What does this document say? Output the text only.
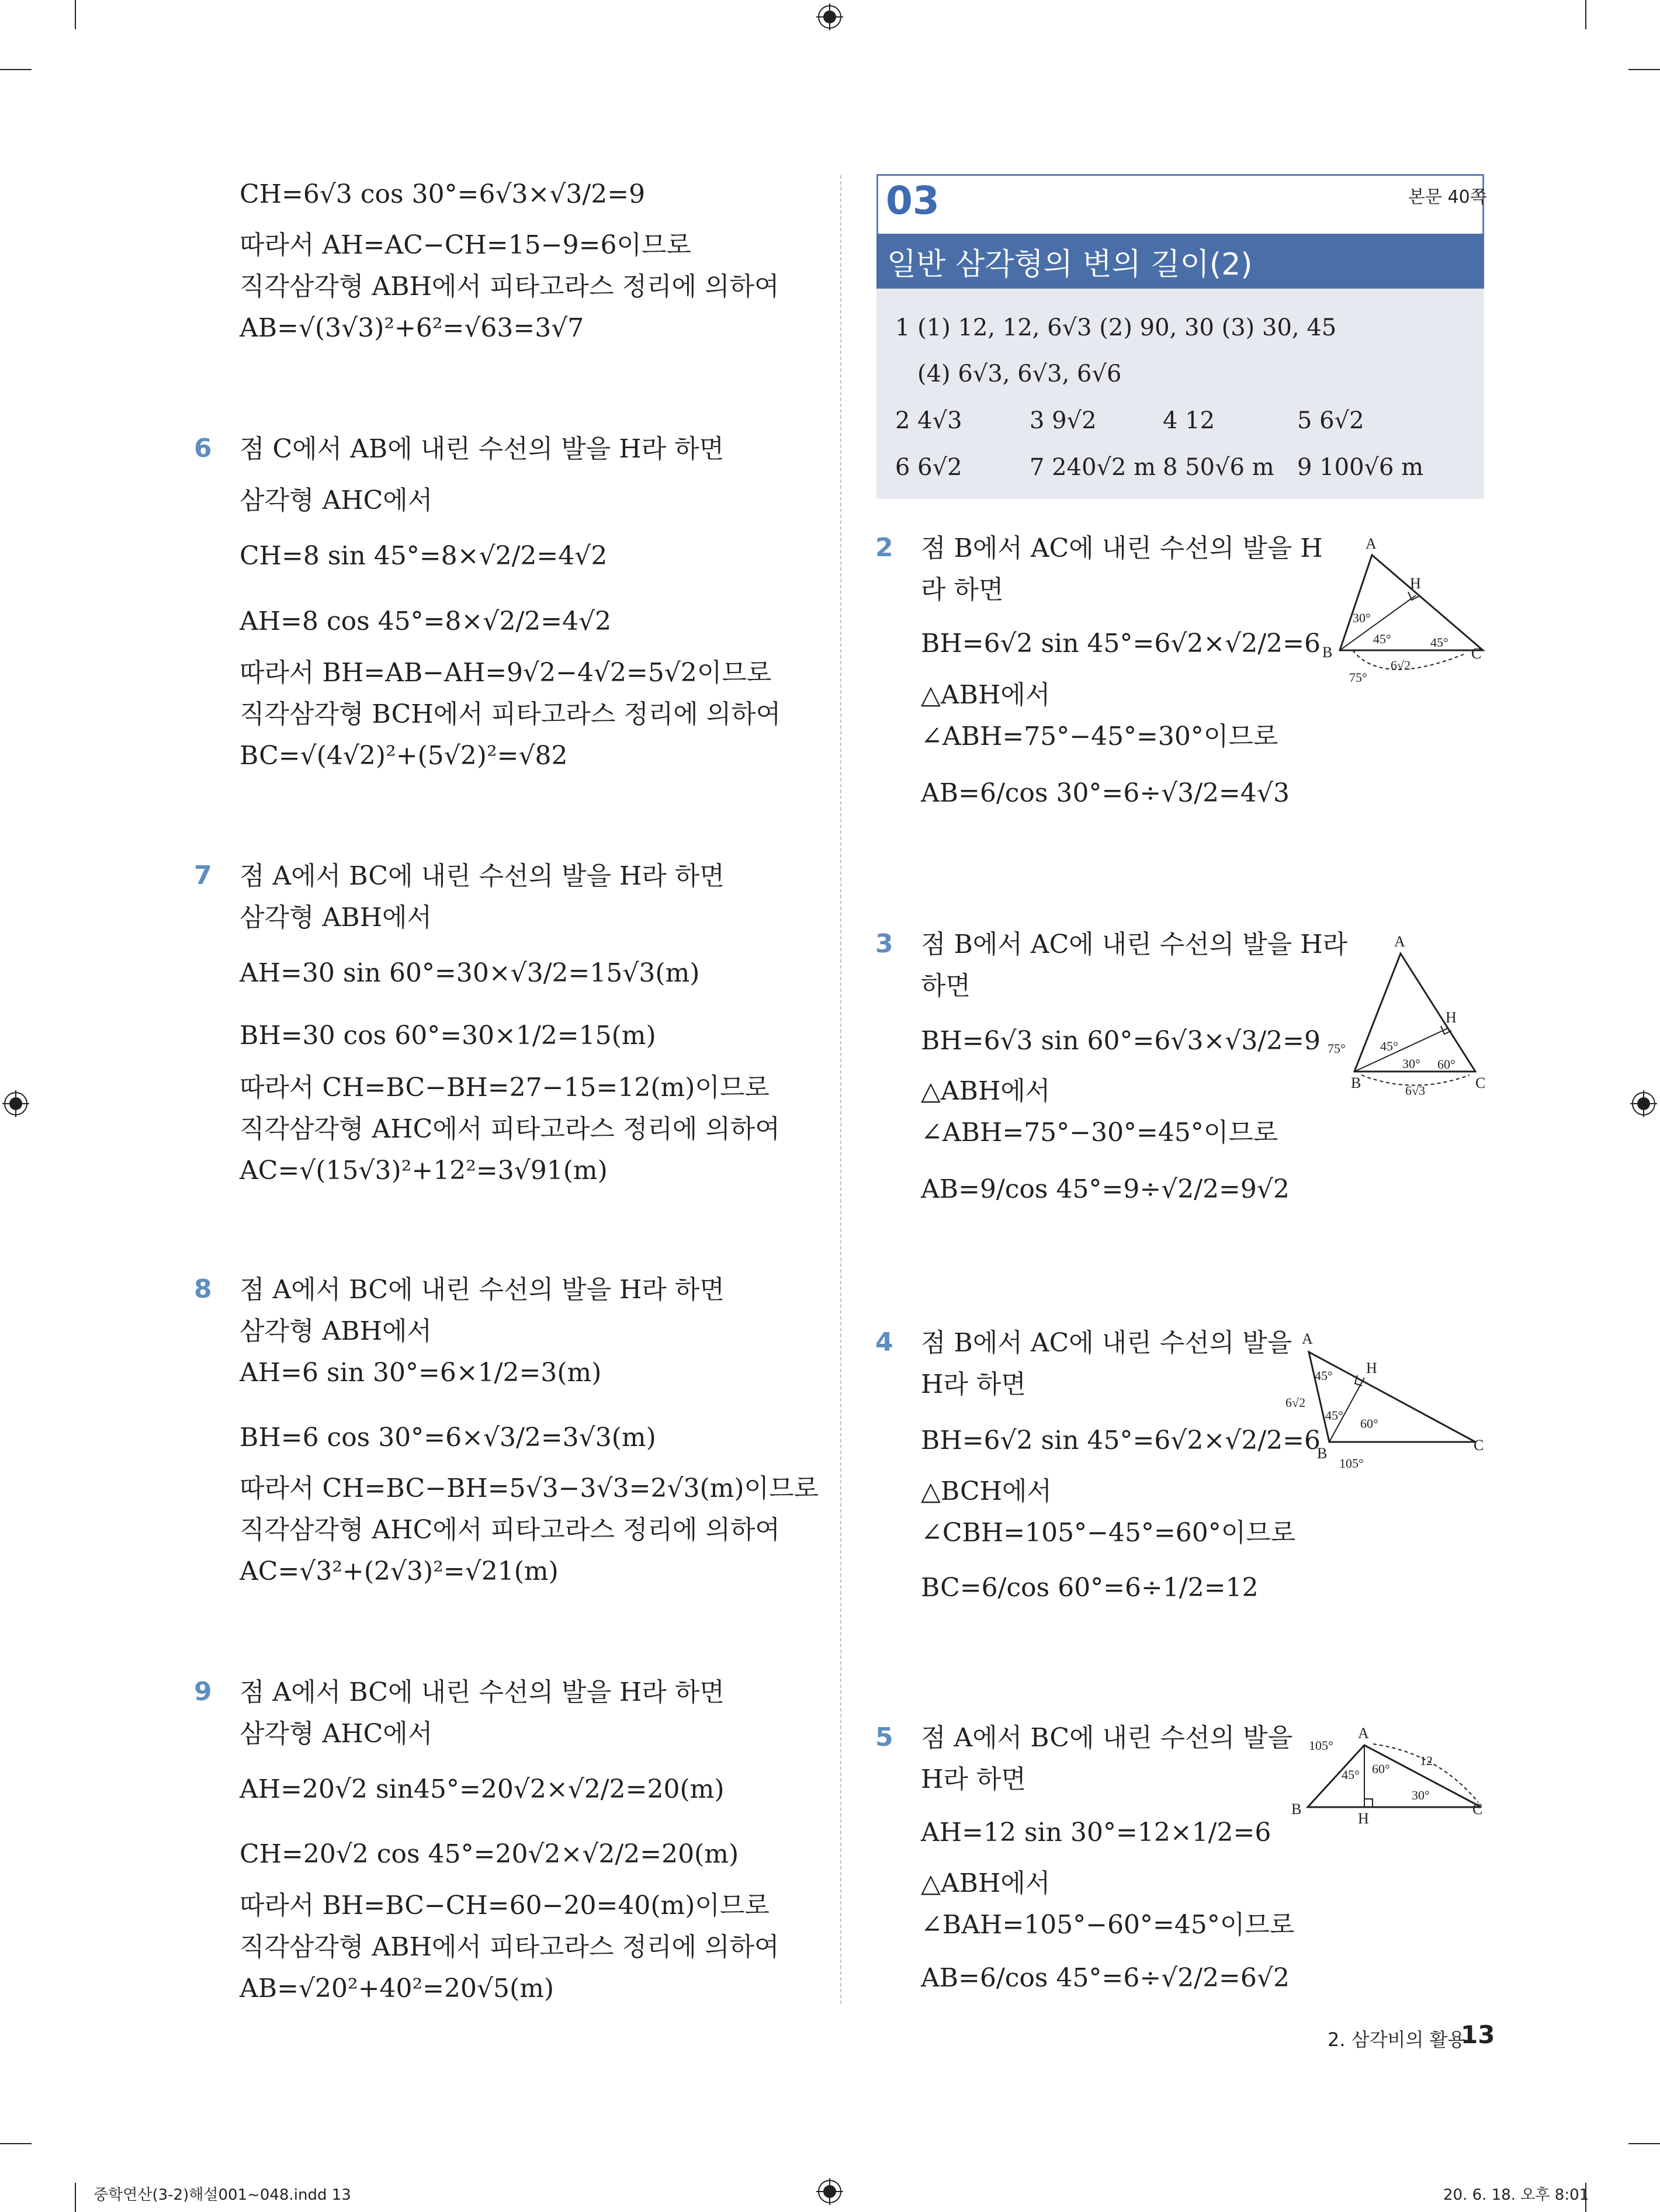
CH=6√3 cos 30°=6√3×√3/2=9
따라서 AH=AC−CH=15−9=6이므로
직각삼각형 ABH에서 피타고라스 정리에 의하여
AB=√(3√3)²+6²=√63=3√7
6 점 C에서 AB에 내린 수선의 발을 H라 하면
삼각형 AHC에서
CH=8 sin 45°=8×√2/2=4√2
AH=8 cos 45°=8×√2/2=4√2
따라서 BH=AB−AH=9√2−4√2=5√2이므로
직각삼각형 BCH에서 피타고라스 정리에 의하여
BC=√(4√2)²+(5√2)²=√82
7 점 A에서 BC에 내린 수선의 발을 H라 하면
삼각형 ABH에서
AH=30 sin 60°=30×√3/2=15√3(m)
BH=30 cos 60°=30×1/2=15(m)
따라서 CH=BC−BH=27−15=12(m)이므로
직각삼각형 AHC에서 피타고라스 정리에 의하여
AC=√(15√3)²+12²=3√91(m)
8 점 A에서 BC에 내린 수선의 발을 H라 하면
삼각형 ABH에서
AH=6 sin 30°=6×1/2=3(m)
BH=6 cos 30°=6×√3/2=3√3(m)
따라서 CH=BC−BH=5√3−3√3=2√3(m)이므로
직각삼각형 AHC에서 피타고라스 정리에 의하여
AC=√3²+(2√3)²=√21(m)
9 점 A에서 BC에 내린 수선의 발을 H라 하면
삼각형 AHC에서
AH=20√2 sin45°=20√2×√2/2=20(m)
CH=20√2 cos 45°=20√2×√2/2=20(m)
따라서 BH=BC−CH=60−20=40(m)이므로
직각삼각형 ABH에서 피타고라스 정리에 의하여
AB=√20²+40²=20√5(m)
03	본문 40쪽
일반 삼각형의 변의 길이(2)
1 (1) 12, 12, 6√3 (2) 90, 30 (3) 30, 45
(4) 6√3, 6√3, 6√6
2 4√3	3 9√2	4 12	5 6√2
6 6√2	7 240√2 m 8 50√6 m 9 100√6 m
2 점 B에서 AC에 내린 수선의 발을 H
라 하면
BH=6√2 sin 45°=6√2×√2/2=6
△ABH에서
∠ABH=75°−45°=30°이므로
AB=6/cos 30°=6÷√3/2=4√3
3 점 B에서 AC에 내린 수선의 발을 H라
하면
BH=6√3 sin 60°=6√3×√3/2=9
△ABH에서
∠ABH=75°−30°=45°이므로
AB=9/cos 45°=9÷√2/2=9√2
4 점 B에서 AC에 내린 수선의 발을
H라 하면
BH=6√2 sin 45°=6√2×√2/2=6
△BCH에서
∠CBH=105°−45°=60°이므로
BC=6/cos 60°=6÷1/2=12
5 점 A에서 BC에 내린 수선의 발을
H라 하면
AH=12 sin 30°=12×1/2=6
△ABH에서
∠BAH=105°−60°=45°이므로
AB=6/cos 45°=6÷√2/2=6√2
A
B	C
H
30°
45°	45°
75°
6√2
A
B	C
H
75°	45°
30° 60°
6√3
A
B	C
H
45°
45°
60°
105°
6√2
A
B	C
H
105°
45° 60°
30°
12
2. 삼각비의 활용
13
중학연산(3-2)해설001~048.indd 13	20. 6. 18. 오후 8:01
